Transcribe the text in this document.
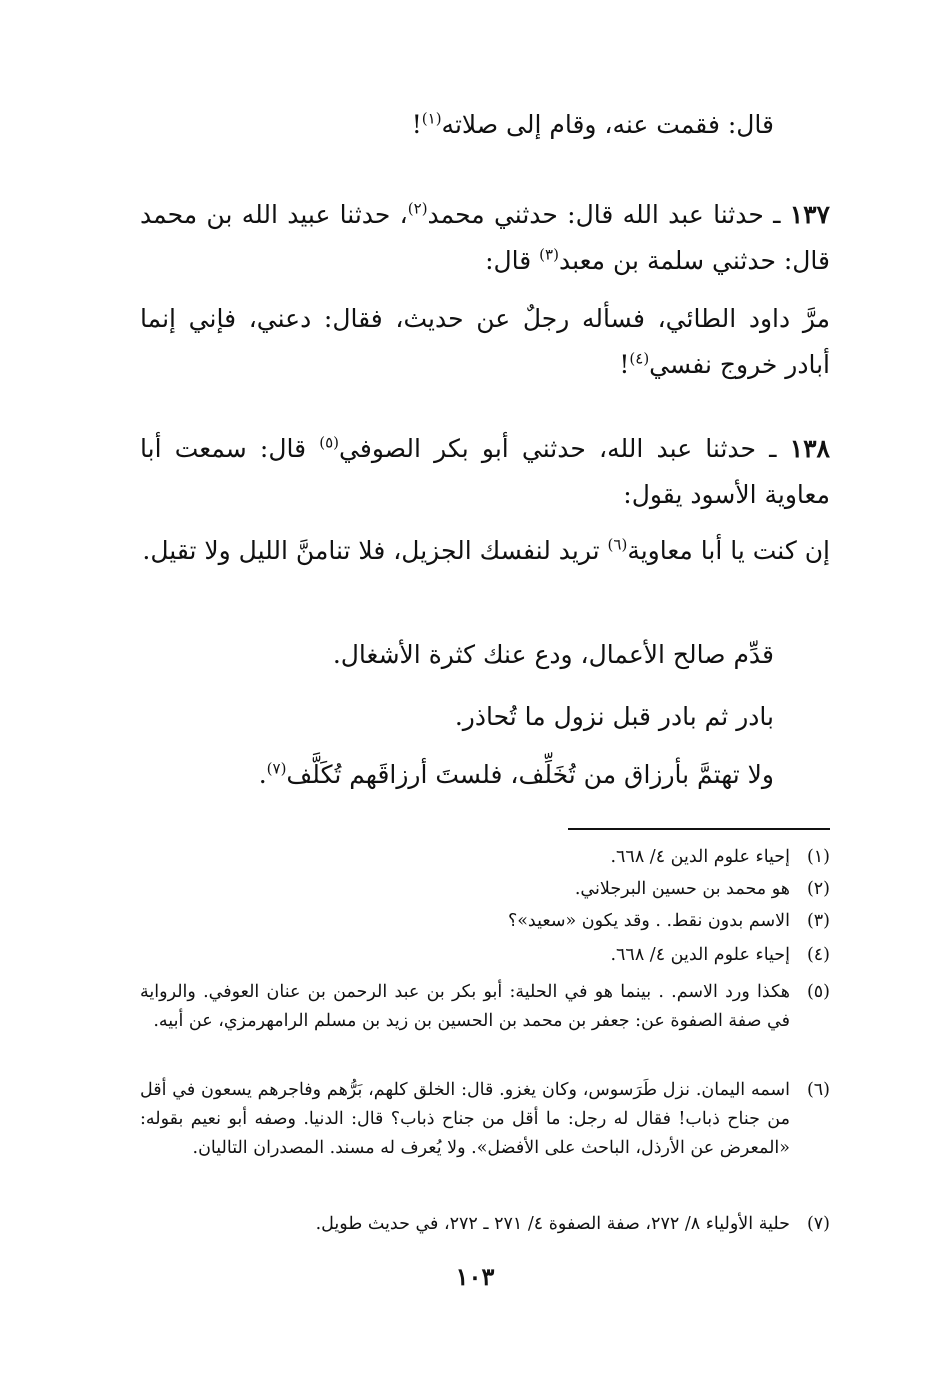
قال: فقمت عنه، وقام إلى صلاته$^{(١)}$!

١٣٧ ـ حدثنا عبد الله قال: حدثني محمد$^{(٢)}$، حدثنا عبيد الله بن محمد قال: حدثني سلمة بن معبد$^{(٣)}$ قال:

مرَّ داود الطائي، فسأله رجلٌ عن حديث، فقال: دعني، فإني إنما أبادر خروج نفسي$^{(٤)}$!

١٣٨ ـ حدثنا عبد الله، حدثني أبو بكر الصوفي$^{(٥)}$ قال: سمعت أبا معاوية الأسود يقول:

إن كنت يا أبا معاوية$^{(٦)}$ تريد لنفسك الجزيل، فلا تنامنَّ الليل ولا تقيل.

قدِّم صالح الأعمال، ودع عنك كثرة الأشغال.

بادر ثم بادر قبل نزول ما تُحاذر.

ولا تهتمَّ بأرزاق من تُخَلِّف، فلستَ أرزاقَهم تُكَلَّف$^{(٧)}$.

(١)
إحياء علوم الدين ٤/ ٦٦٨.
(٢)
هو محمد بن حسين البرجلاني.
(٣)
الاسم بدون نقط. . وقد يكون «سعيد»؟
(٤)
إحياء علوم الدين ٤/ ٦٦٨.
(٥)
هكذا ورد الاسم. . بينما هو في الحلية: أبو بكر بن عبد الرحمن بن عنان العوفي. والرواية في صفة الصفوة عن: جعفر بن محمد بن الحسين بن زيد بن مسلم الرامهرمزي، عن أبيه.
(٦)
اسمه اليمان. نزل طَرَسوس، وكان يغزو. قال: الخلق كلهم، بَرُّهم وفاجرهم يسعون في أقل من جناح ذباب! فقال له رجل: ما أقل من جناح ذباب؟ قال: الدنيا. وصفه أبو نعيم بقوله: «المعرض عن الأرذل، الباحث على الأفضل». ولا يُعرف له مسند. المصدران التاليان.
(٧)
حلية الأولياء ٨/ ٢٧٢، صفة الصفوة ٤/ ٢٧١ ـ ٢٧٢، في حديث طويل.
١٠٣
